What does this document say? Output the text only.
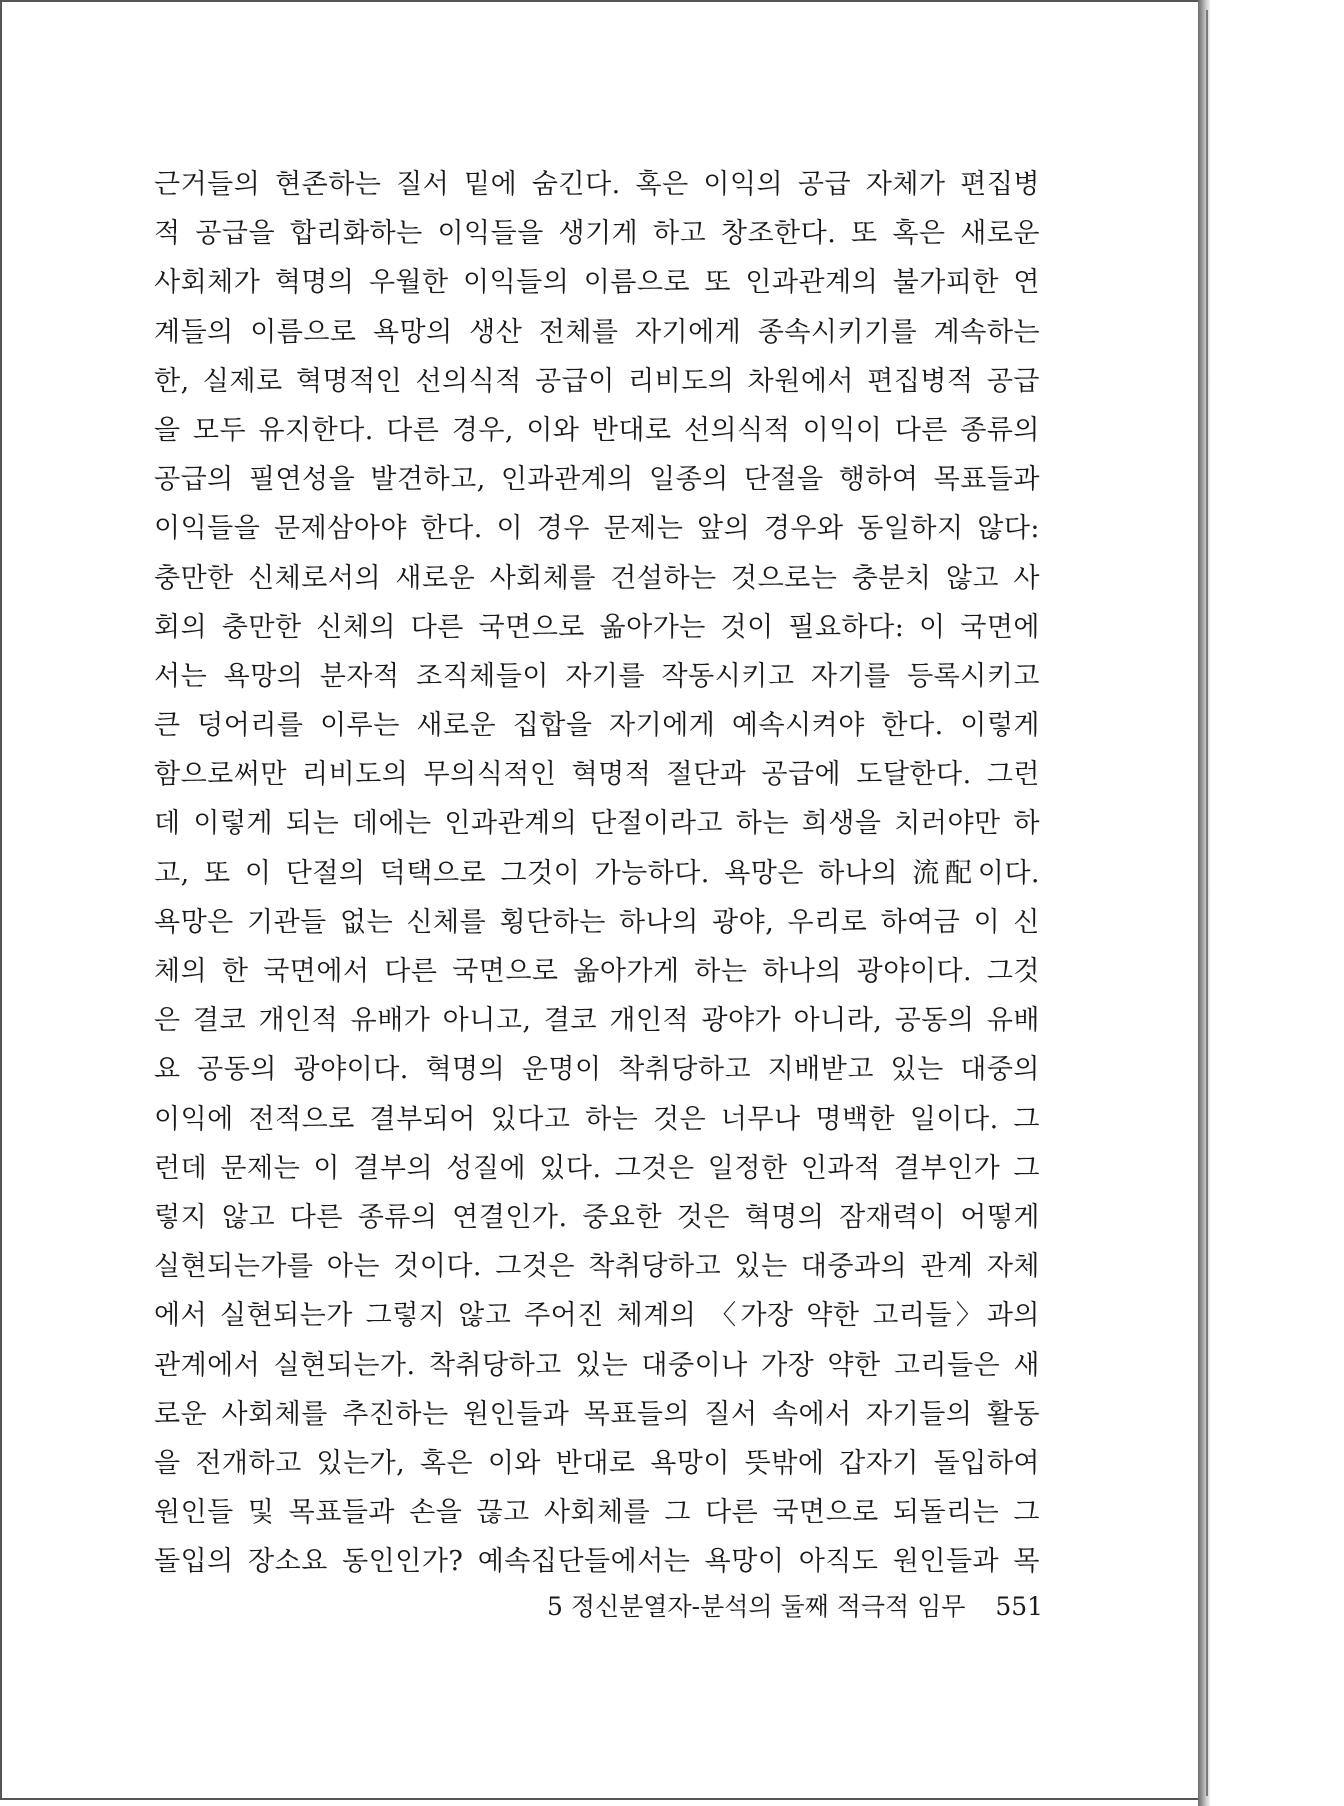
근거들의 현존하는 질서 밑에 숨긴다. 혹은 이익의 공급 자체가 편집병
적 공급을 합리화하는 이익들을 생기게 하고 창조한다. 또 혹은 새로운
사회체가 혁명의 우월한 이익들의 이름으로 또 인과관계의 불가피한 연
계들의 이름으로 욕망의 생산 전체를 자기에게 종속시키기를 계속하는
한, 실제로 혁명적인 선의식적 공급이 리비도의 차원에서 편집병적 공급
을 모두 유지한다. 다른 경우, 이와 반대로 선의식적 이익이 다른 종류의
공급의 필연성을 발견하고, 인과관계의 일종의 단절을 행하여 목표들과
이익들을 문제삼아야 한다. 이 경우 문제는 앞의 경우와 동일하지 않다:
충만한 신체로서의 새로운 사회체를 건설하는 것으로는 충분치 않고 사
회의 충만한 신체의 다른 국면으로 옮아가는 것이 필요하다: 이 국면에
서는 욕망의 분자적 조직체들이 자기를 작동시키고 자기를 등록시키고
큰 덩어리를 이루는 새로운 집합을 자기에게 예속시켜야 한다. 이렇게
함으로써만 리비도의 무의식적인 혁명적 절단과 공급에 도달한다. 그런
데 이렇게 되는 데에는 인과관계의 단절이라고 하는 희생을 치러야만 하
고, 또 이 단절의 덕택으로 그것이 가능하다. 욕망은 하나의 流配이다.
욕망은 기관들 없는 신체를 횡단하는 하나의 광야, 우리로 하여금 이 신
체의 한 국면에서 다른 국면으로 옮아가게 하는 하나의 광야이다. 그것
은 결코 개인적 유배가 아니고, 결코 개인적 광야가 아니라, 공동의 유배
요 공동의 광야이다. 혁명의 운명이 착취당하고 지배받고 있는 대중의
이익에 전적으로 결부되어 있다고 하는 것은 너무나 명백한 일이다. 그
런데 문제는 이 결부의 성질에 있다. 그것은 일정한 인과적 결부인가 그
렇지 않고 다른 종류의 연결인가. 중요한 것은 혁명의 잠재력이 어떻게
실현되는가를 아는 것이다. 그것은 착취당하고 있는 대중과의 관계 자체
에서 실현되는가 그렇지 않고 주어진 체계의 〈가장 약한 고리들〉과의
관계에서 실현되는가. 착취당하고 있는 대중이나 가장 약한 고리들은 새
로운 사회체를 추진하는 원인들과 목표들의 질서 속에서 자기들의 활동
을 전개하고 있는가, 혹은 이와 반대로 욕망이 뜻밖에 갑자기 돌입하여
원인들 및 목표들과 손을 끊고 사회체를 그 다른 국면으로 되돌리는 그
돌입의 장소요 동인인가? 예속집단들에서는 욕망이 아직도 원인들과 목
5 정신분열자-분석의 둘째 적극적 임무 551
